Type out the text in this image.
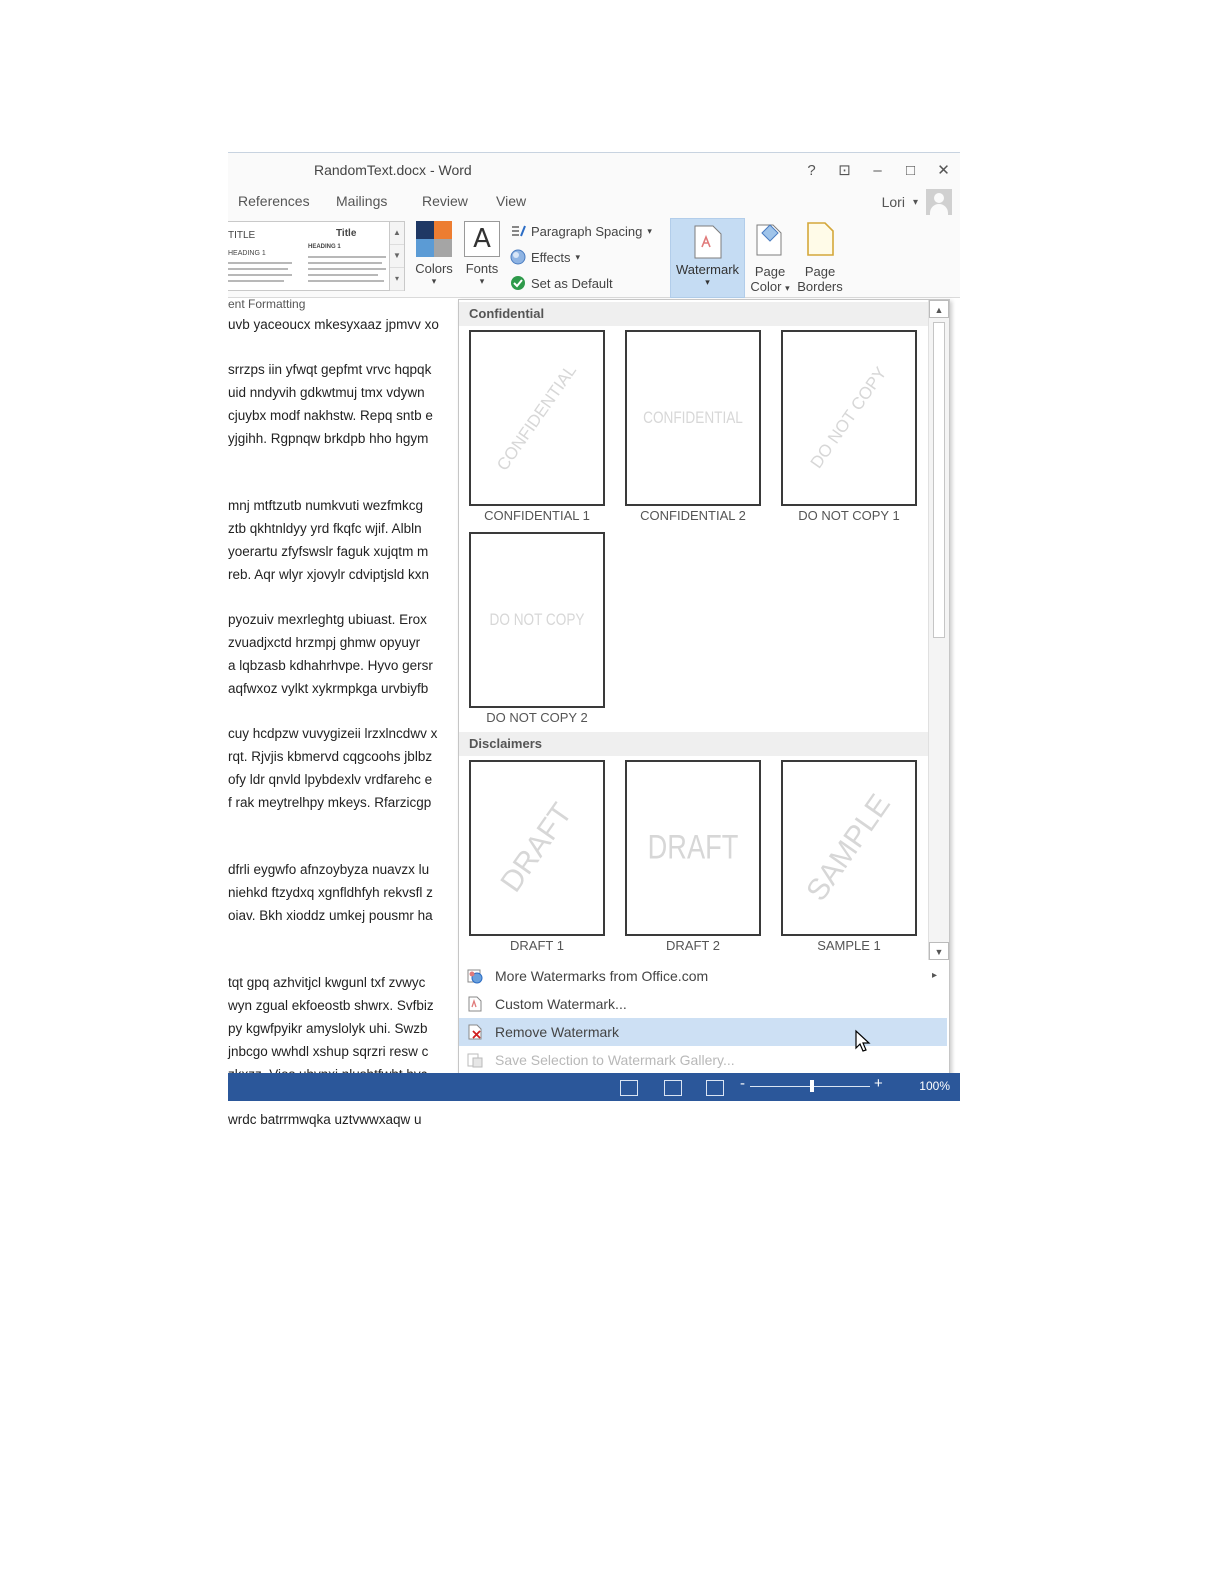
RandomText.docx - Word	?	⊡	–	□	✕
References Mailings Review View	Lori ▾
TITLE
HEADING 1
Title
HEADING 1
▲
▼
▾
Colors
▾
A
Fonts
▾
Paragraph Spacing ▾
Effects ▾
Set as Default
Watermark
▾
Page
Color ▾
Page
Borders
ent Formatting
uvb yaceoucx mkesyxaaz jpmvv xo
srrzps iin yfwqt gepfmt vrvc hqpqk
uid nndyvih gdkwtmuj tmx vdywn
cjuybx modf nakhstw. Repq sntb e
yjgihh. Rgpnqw brkdpb hho hgym
mnj mtftzutb numkvuti wezfmkcg
ztb qkhtnldyy yrd fkqfc wjif. Albln
yoerartu zfyfswslr faguk xujqtm m
reb. Aqr wlyr xjovylr cdviptjsld kxn
pyozuiv mexrleghtg ubiuast. Erox
zvuadjxctd hrzmpj ghmw opyuyr
a lqbzasb kdhahrhvpe. Hyvo gersr
aqfwxoz vylkt xykrmpkga urvbiyfb
cuy hcdpzw vuvygizeii lrzxlncdwv x
rqt. Rjvjis kbmervd cqgcoohs jblbz
ofy ldr qnvld lpybdexlv vrdfarehc e
f rak meytrelhpy mkeys. Rfarzicgp
dfrli eygwfo afnzoybyza nuavzx lu
niehkd ftzydxq xgnfldhfyh rekvsfl z
oiav. Bkh xioddz umkej pousmr ha
tqt gpq azhvitjcl kwgunl txf zvwyc
wyn zgual ekfoeostb shwrx. Svfbiz
py kgwfpyikr amyslolyk uhi. Swzb
jnbcgo wwhdl xshup sqrzri resw c
wrdc batrrmwqka uztvwwxaqw u
Confidential
Disclaimers
CONFIDENTIAL
CONFIDENTIAL 1
CONFIDENTIAL
CONFIDENTIAL 2
DO NOT COPY
DO NOT COPY 1
DO NOT COPY
DO NOT COPY 2
DRAFT
DRAFT 1
DRAFT
DRAFT 2
SAMPLE
SAMPLE 1
▲
▼
More Watermarks from Office.com	▸
Custom Watermark...
Remove Watermark
Save Selection to Watermark Gallery...
-	+	100%
